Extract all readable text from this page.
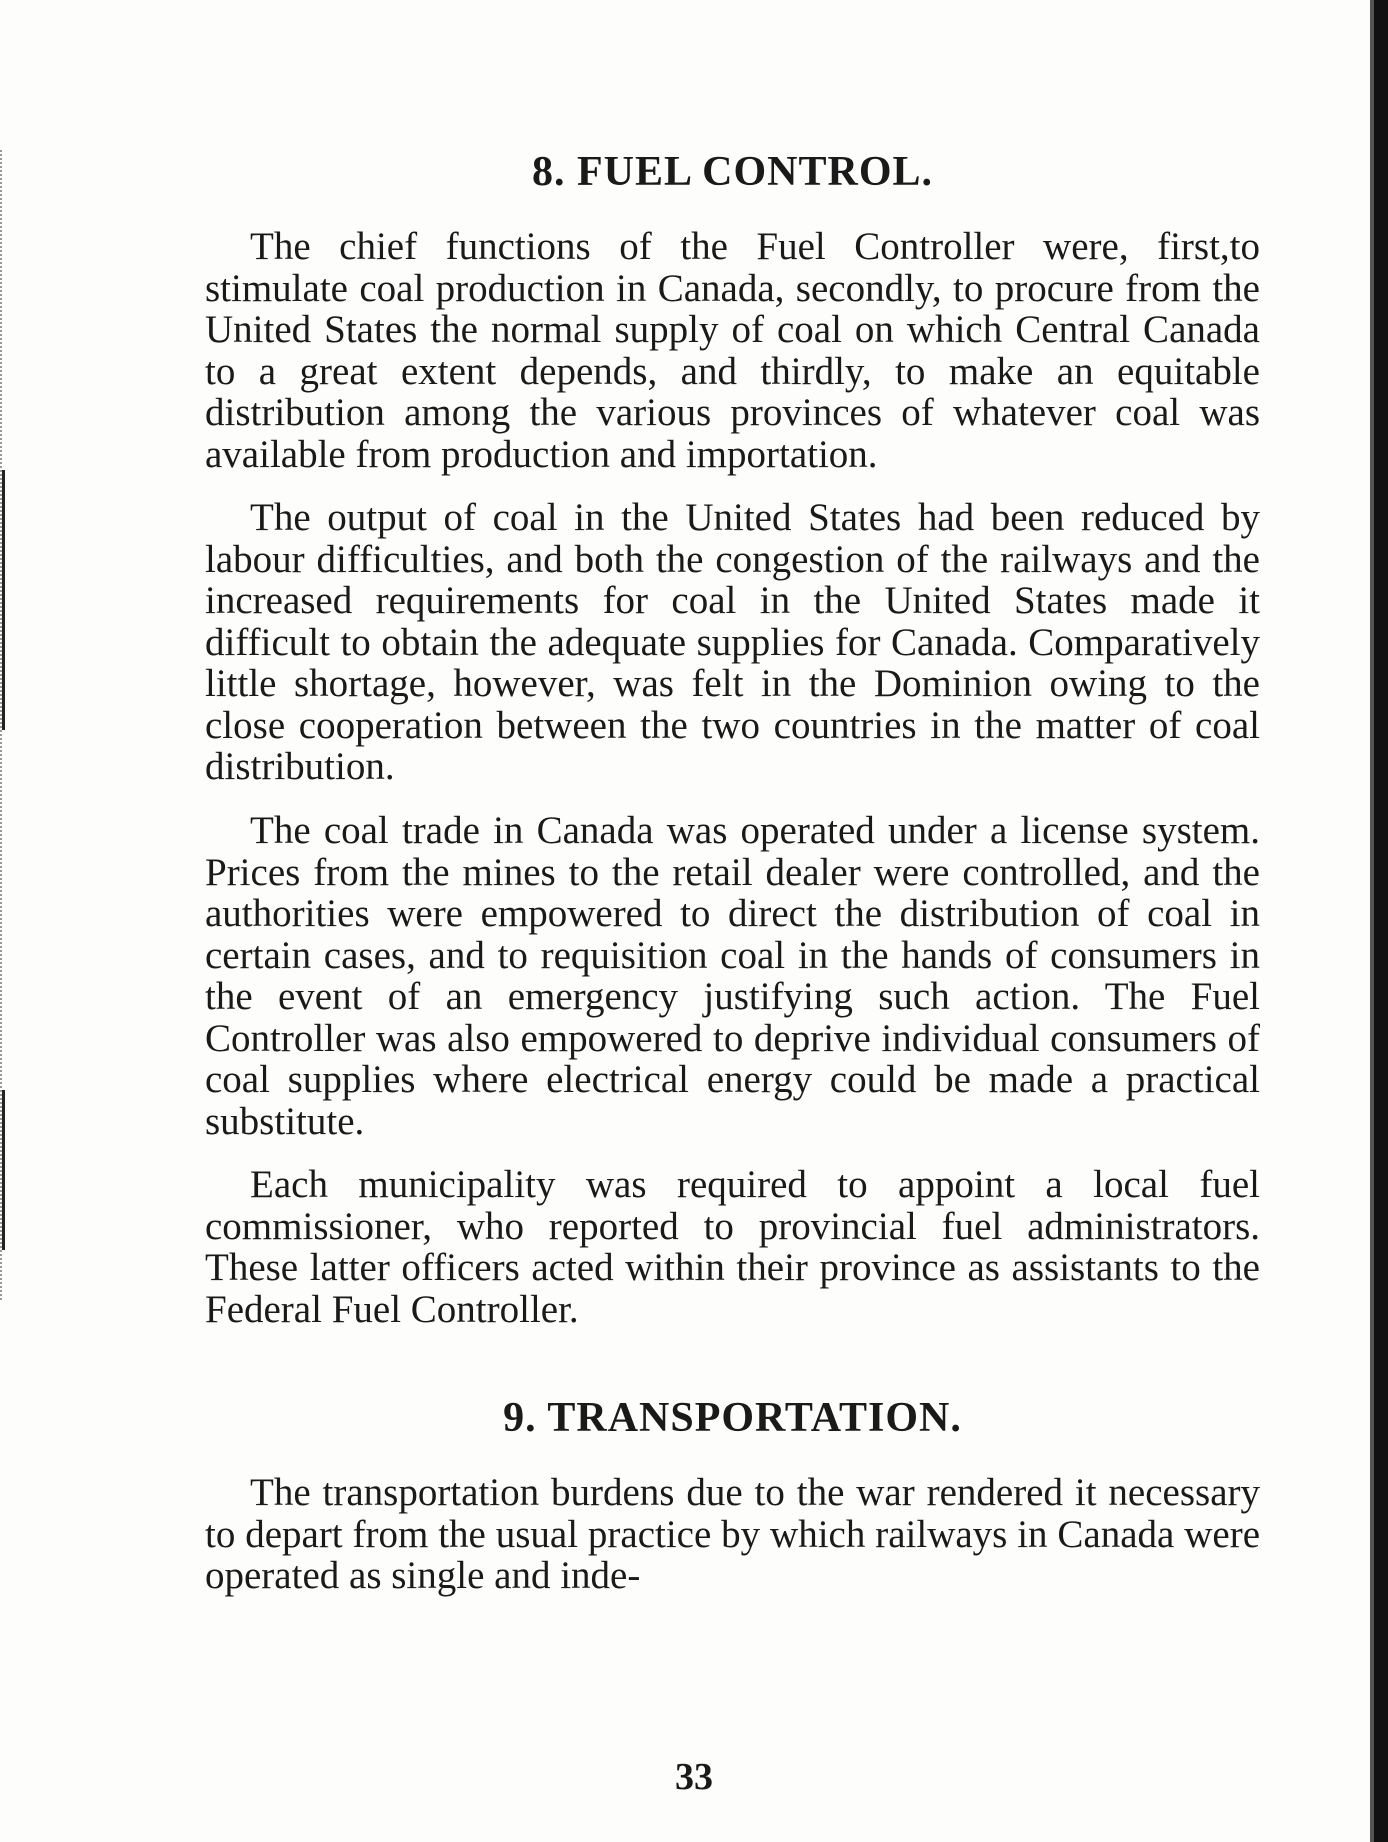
8. FUEL CONTROL.

The chief functions of the Fuel Controller were, first,to stimulate coal production in Canada, secondly, to procure from the United States the normal supply of coal on which Central Canada to a great extent depends, and thirdly, to make an equitable distribution among the various provinces of whatever coal was available from production and importation.

The output of coal in the United States had been reduced by labour difficulties, and both the congestion of the railways and the increased requirements for coal in the United States made it difficult to obtain the adequate supplies for Canada. Comparatively little shortage, however, was felt in the Dominion owing to the close cooperation between the two countries in the matter of coal distribution.

The coal trade in Canada was operated under a license system. Prices from the mines to the retail dealer were controlled, and the authorities were empowered to direct the distribution of coal in certain cases, and to requisition coal in the hands of consumers in the event of an emergency justifying such action. The Fuel Controller was also empowered to deprive individual consumers of coal supplies where electrical energy could be made a practical substitute.

Each municipality was required to appoint a local fuel commissioner, who reported to provincial fuel administrators. These latter officers acted within their province as assistants to the Federal Fuel Controller.

9. TRANSPORTATION.

The transportation burdens due to the war rendered it necessary to depart from the usual practice by which railways in Canada were operated as single and inde-

33
